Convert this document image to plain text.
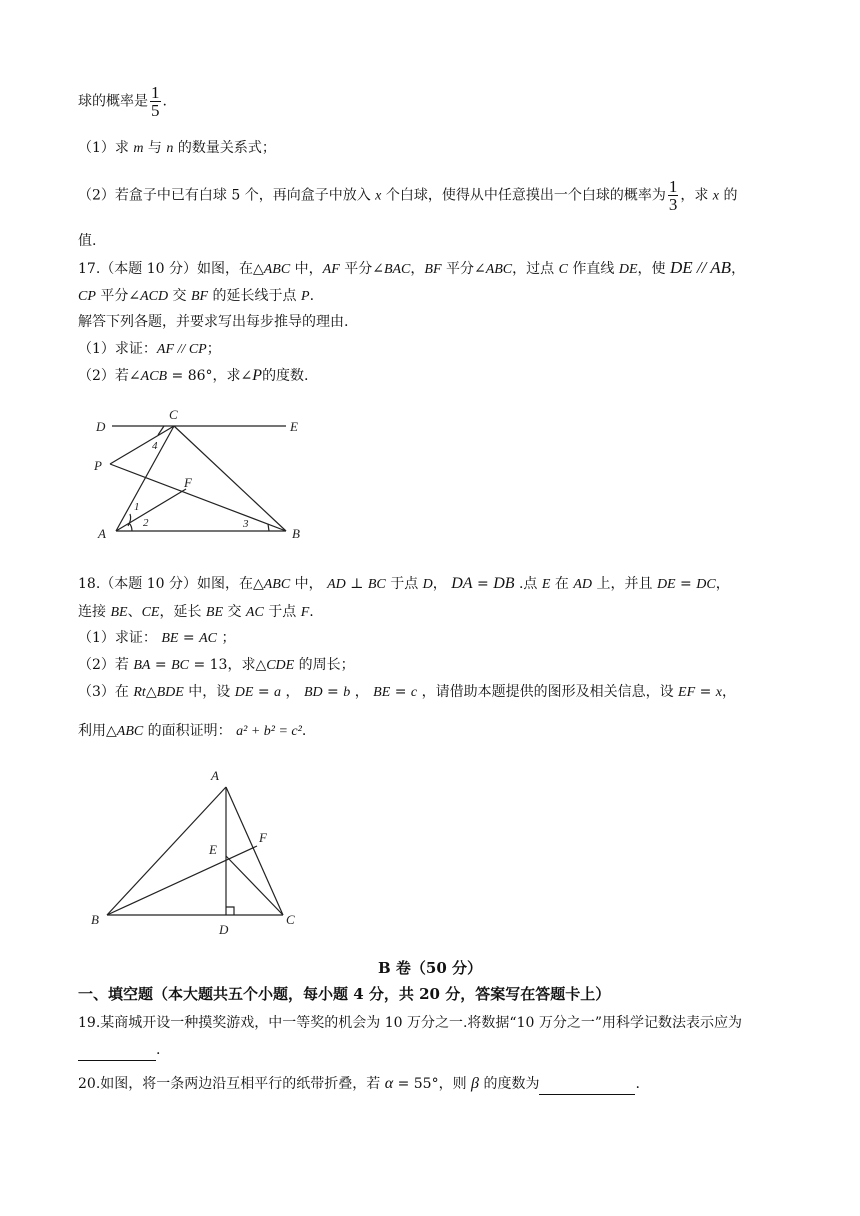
球的概率是 $\frac{1}{5}$ .
（1）求 m 与 n 的数量关系式；
（2）若盒子中已有白球 5 个，再向盒子中放入 x 个白球，使得从中任意摸出一个白球的概率为 $\frac{1}{3}$ ，求 x 的
值.
17.（本题 10 分）如图，在△ABC 中，AF 平分∠BAC，BF 平分∠ABC，过点 C 作直线 DE，使 DE // AB，
CP 平分∠ACD 交 BF 的延长线于点 P.
解答下列各题，并要求写出每步推导的理由.
（1）求证：AF // CP；
（2）若∠ACB = 86°，求∠P的度数.
D
C
E
P
F
A	B
1
2	3
4
18.（本题 10 分）如图，在△ABC 中， AD ⊥ BC 于点 D， DA = DB .点 E 在 AD 上，并且 DE = DC，
连接 BE、CE，延长 BE 交 AC 于点 F.
（1）求证： BE = AC ；
（2）若 BA = BC = 13，求△CDE 的周长；
（3）在 Rt△BDE 中，设 DE = a ， BD = b ， BE = c ，请借助本题提供的图形及相关信息，设 EF = x，
利用△ABC 的面积证明： a² + b² = c².
A
B	C
D
E
F
B 卷（50 分）
一、填空题（本大题共五个小题，每小题 4 分，共 20 分，答案写在答题卡上）
19.某商城开设一种摸奖游戏，中一等奖的机会为 10 万分之一.将数据“10 万分之一”用科学记数法表示应为
.
20.如图，将一条两边沿互相平行的纸带折叠，若 α = 55°，则 β 的度数为	.
